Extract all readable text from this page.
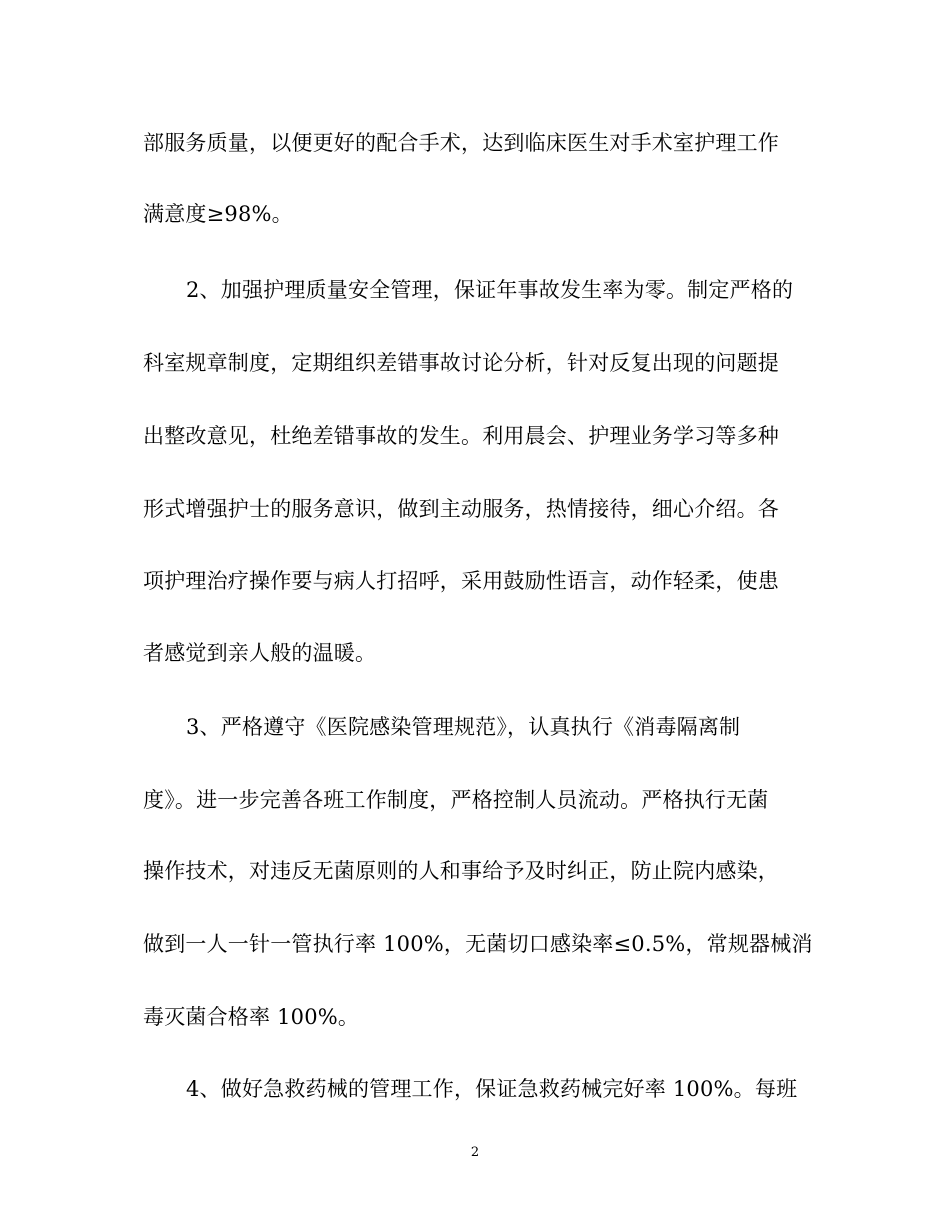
部服务质量，以便更好的配合手术，达到临床医生对手术室护理工作
满意度≥98%。
2、加强护理质量安全管理，保证年事故发生率为零。制定严格的
科室规章制度，定期组织差错事故讨论分析，针对反复出现的问题提
出整改意见，杜绝差错事故的发生。利用晨会、护理业务学习等多种
形式增强护士的服务意识，做到主动服务，热情接待，细心介绍。各
项护理治疗操作要与病人打招呼，采用鼓励性语言，动作轻柔，使患
者感觉到亲人般的温暖。
3、严格遵守《医院感染管理规范》，认真执行《消毒隔离制
度》。进一步完善各班工作制度，严格控制人员流动。严格执行无菌
操作技术，对违反无菌原则的人和事给予及时纠正，防止院内感染，
做到一人一针一管执行率 100%，无菌切口感染率≤0.5%，常规器械消
毒灭菌合格率 100%。
4、做好急救药械的管理工作，保证急救药械完好率 100%。每班
2
